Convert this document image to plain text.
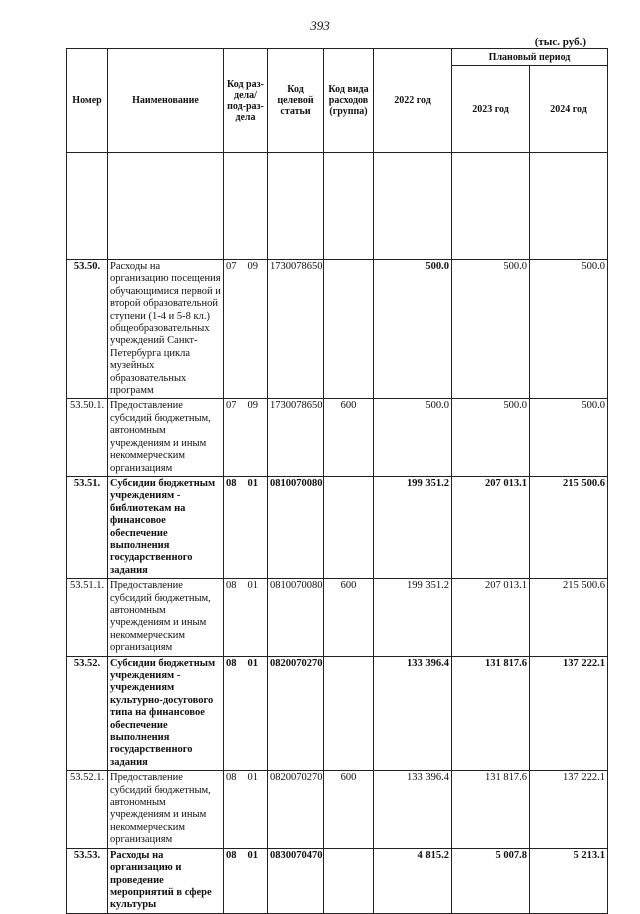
393
(тыс. руб.)
Номер	Наименование	Код раз-дела/ под-раз-дела	Код целевой статьи	Код вида расходов (группа)	2022 год	Плановый период	
						2023 год	2024 год

53.50.	Расходы на организацию посещения обучающимися первой и второй образовательной ступени (1-4 и 5-8 кл.) общеобразовательных учреждений Санкт-Петербурга цикла музейных образовательных программ	07 09	1730078650		500.0	500.0	500.0
53.50.1.	Предоставление субсидий бюджетным, автономным учреждениям и иным некоммерческим организациям	07 09	1730078650	600	500.0	500.0	500.0
53.51.	Субсидии бюджетным учреждениям - библиотекам на финансовое обеспечение выполнения государственного задания	08 01	0810070080		199 351.2	207 013.1	215 500.6
53.51.1.	Предоставление субсидий бюджетным, автономным учреждениям и иным некоммерческим организациям	08 01	0810070080	600	199 351.2	207 013.1	215 500.6
53.52.	Субсидии бюджетным учреждениям - учреждениям культурно-досугового типа на финансовое обеспечение выполнения государственного задания	08 01	0820070270		133 396.4	131 817.6	137 222.1
53.52.1.	Предоставление субсидий бюджетным, автономным учреждениям и иным некоммерческим организациям	08 01	0820070270	600	133 396.4	131 817.6	137 222.1
53.53.	Расходы на организацию и проведение мероприятий в сфере культуры	08 01	0830070470		4 815.2	5 007.8	5 213.1
